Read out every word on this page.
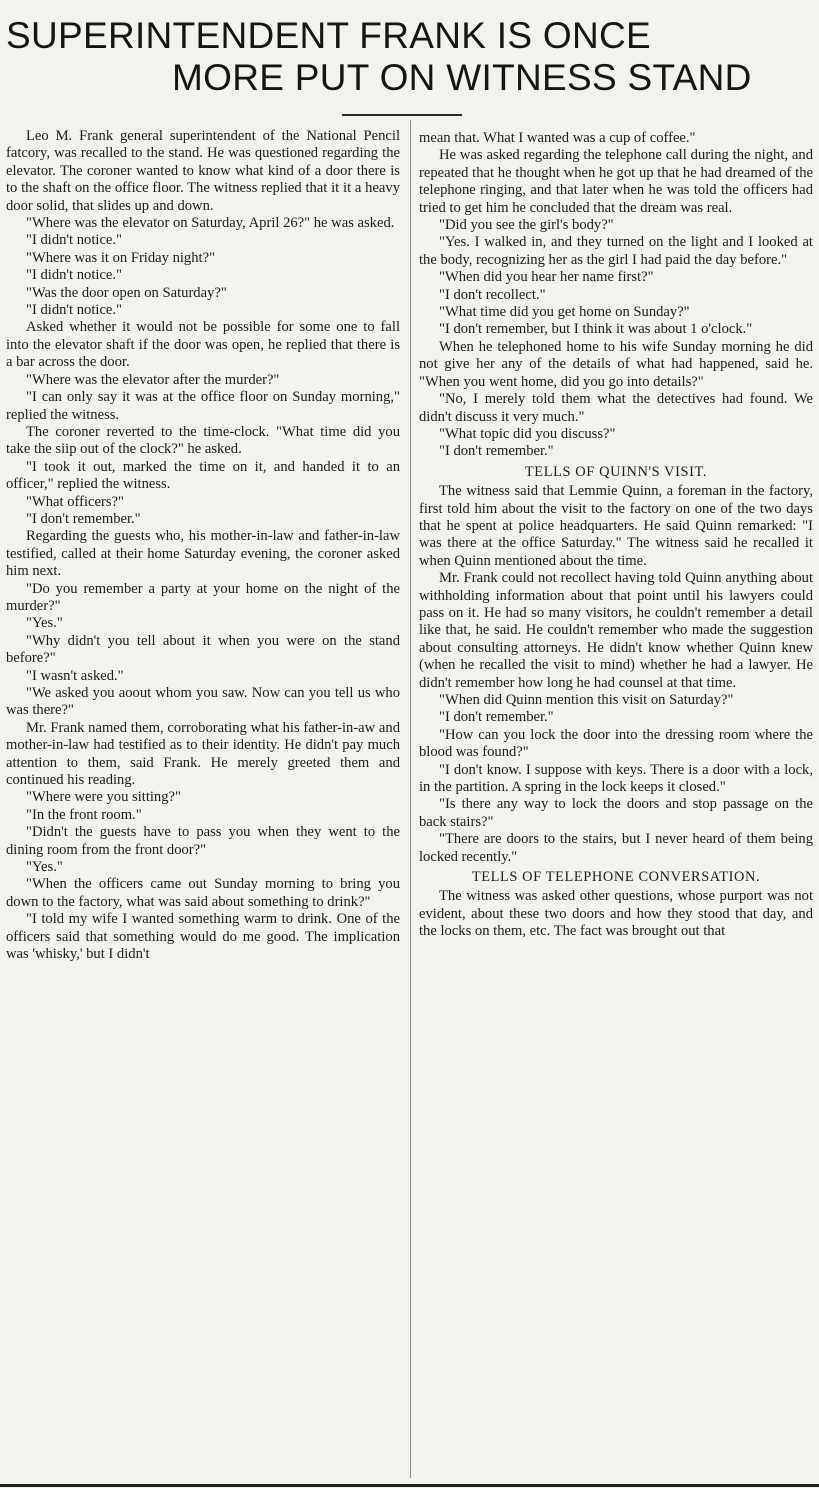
SUPERINTENDENT FRANK IS ONCE
MORE PUT ON WITNESS STAND

Leo M. Frank general superintendent of the National Pencil fatcory, was recalled to the stand. He was questioned regarding the elevator. The coroner wanted to know what kind of a door there is to the shaft on the office floor. The witness replied that it it a heavy door solid, that slides up and down.

"Where was the elevator on Saturday, April 26?" he was asked.

"I didn't notice."

"Where was it on Friday night?"

"I didn't notice."

"Was the door open on Saturday?"

"I didn't notice."

Asked whether it would not be possible for some one to fall into the elevator shaft if the door was open, he replied that there is a bar across the door.

"Where was the elevator after the murder?"

"I can only say it was at the office floor on Sunday morning," replied the witness.

The coroner reverted to the time-clock. "What time did you take the siip out of the clock?" he asked.

"I took it out, marked the time on it, and handed it to an officer," replied the witness.

"What officers?"

"I don't remember."

Regarding the guests who, his mother-in-law and father-in-law testified, called at their home Saturday evening, the coroner asked him next.

"Do you remember a party at your home on the night of the murder?"

"Yes."

"Why didn't you tell about it when you were on the stand before?"

"I wasn't asked."

"We asked you aoout whom you saw. Now can you tell us who was there?"

Mr. Frank named them, corroborating what his father-in-aw and mother-in-law had testified as to their identity. He didn't pay much attention to them, said Frank. He merely greeted them and continued his reading.

"Where were you sitting?"

"In the front room."

"Didn't the guests have to pass you when they went to the dining room from the front door?"

"Yes."

"When the officers came out Sunday morning to bring you down to the factory, what was said about something to drink?"

"I told my wife I wanted something warm to drink. One of the officers said that something would do me good. The implication was 'whisky,' but I didn't

mean that. What I wanted was a cup of coffee."

He was asked regarding the telephone call during the night, and repeated that he thought when he got up that he had dreamed of the telephone ringing, and that later when he was told the officers had tried to get him he concluded that the dream was real.

"Did you see the girl's body?"

"Yes. I walked in, and they turned on the light and I looked at the body, recognizing her as the girl I had paid the day before."

"When did you hear her name first?"

"I don't recollect."

"What time did you get home on Sunday?"

"I don't remember, but I think it was about 1 o'clock."

When he telephoned home to his wife Sunday morning he did not give her any of the details of what had happened, said he. "When you went home, did you go into details?"

"No, I merely told them what the detectives had found. We didn't discuss it very much."

"What topic did you discuss?"

"I don't remember."

TELLS OF QUINN'S VISIT.

The witness said that Lemmie Quinn, a foreman in the factory, first told him about the visit to the factory on one of the two days that he spent at police headquarters. He said Quinn remarked: "I was there at the office Saturday." The witness said he recalled it when Quinn mentioned about the time.

Mr. Frank could not recollect having told Quinn anything about withholding information about that point until his lawyers could pass on it. He had so many visitors, he couldn't remember a detail like that, he said. He couldn't remember who made the suggestion about consulting attorneys. He didn't know whether Quinn knew (when he recalled the visit to mind) whether he had a lawyer. He didn't remember how long he had counsel at that time.

"When did Quinn mention this visit on Saturday?"

"I don't remember."

"How can you lock the door into the dressing room where the blood was found?"

"I don't know. I suppose with keys. There is a door with a lock, in the partition. A spring in the lock keeps it closed."

"Is there any way to lock the doors and stop passage on the back stairs?"

"There are doors to the stairs, but I never heard of them being locked recently."

TELLS OF TELEPHONE CONVERSATION.

The witness was asked other questions, whose purport was not evident, about these two doors and how they stood that day, and the locks on them, etc. The fact was brought out that
